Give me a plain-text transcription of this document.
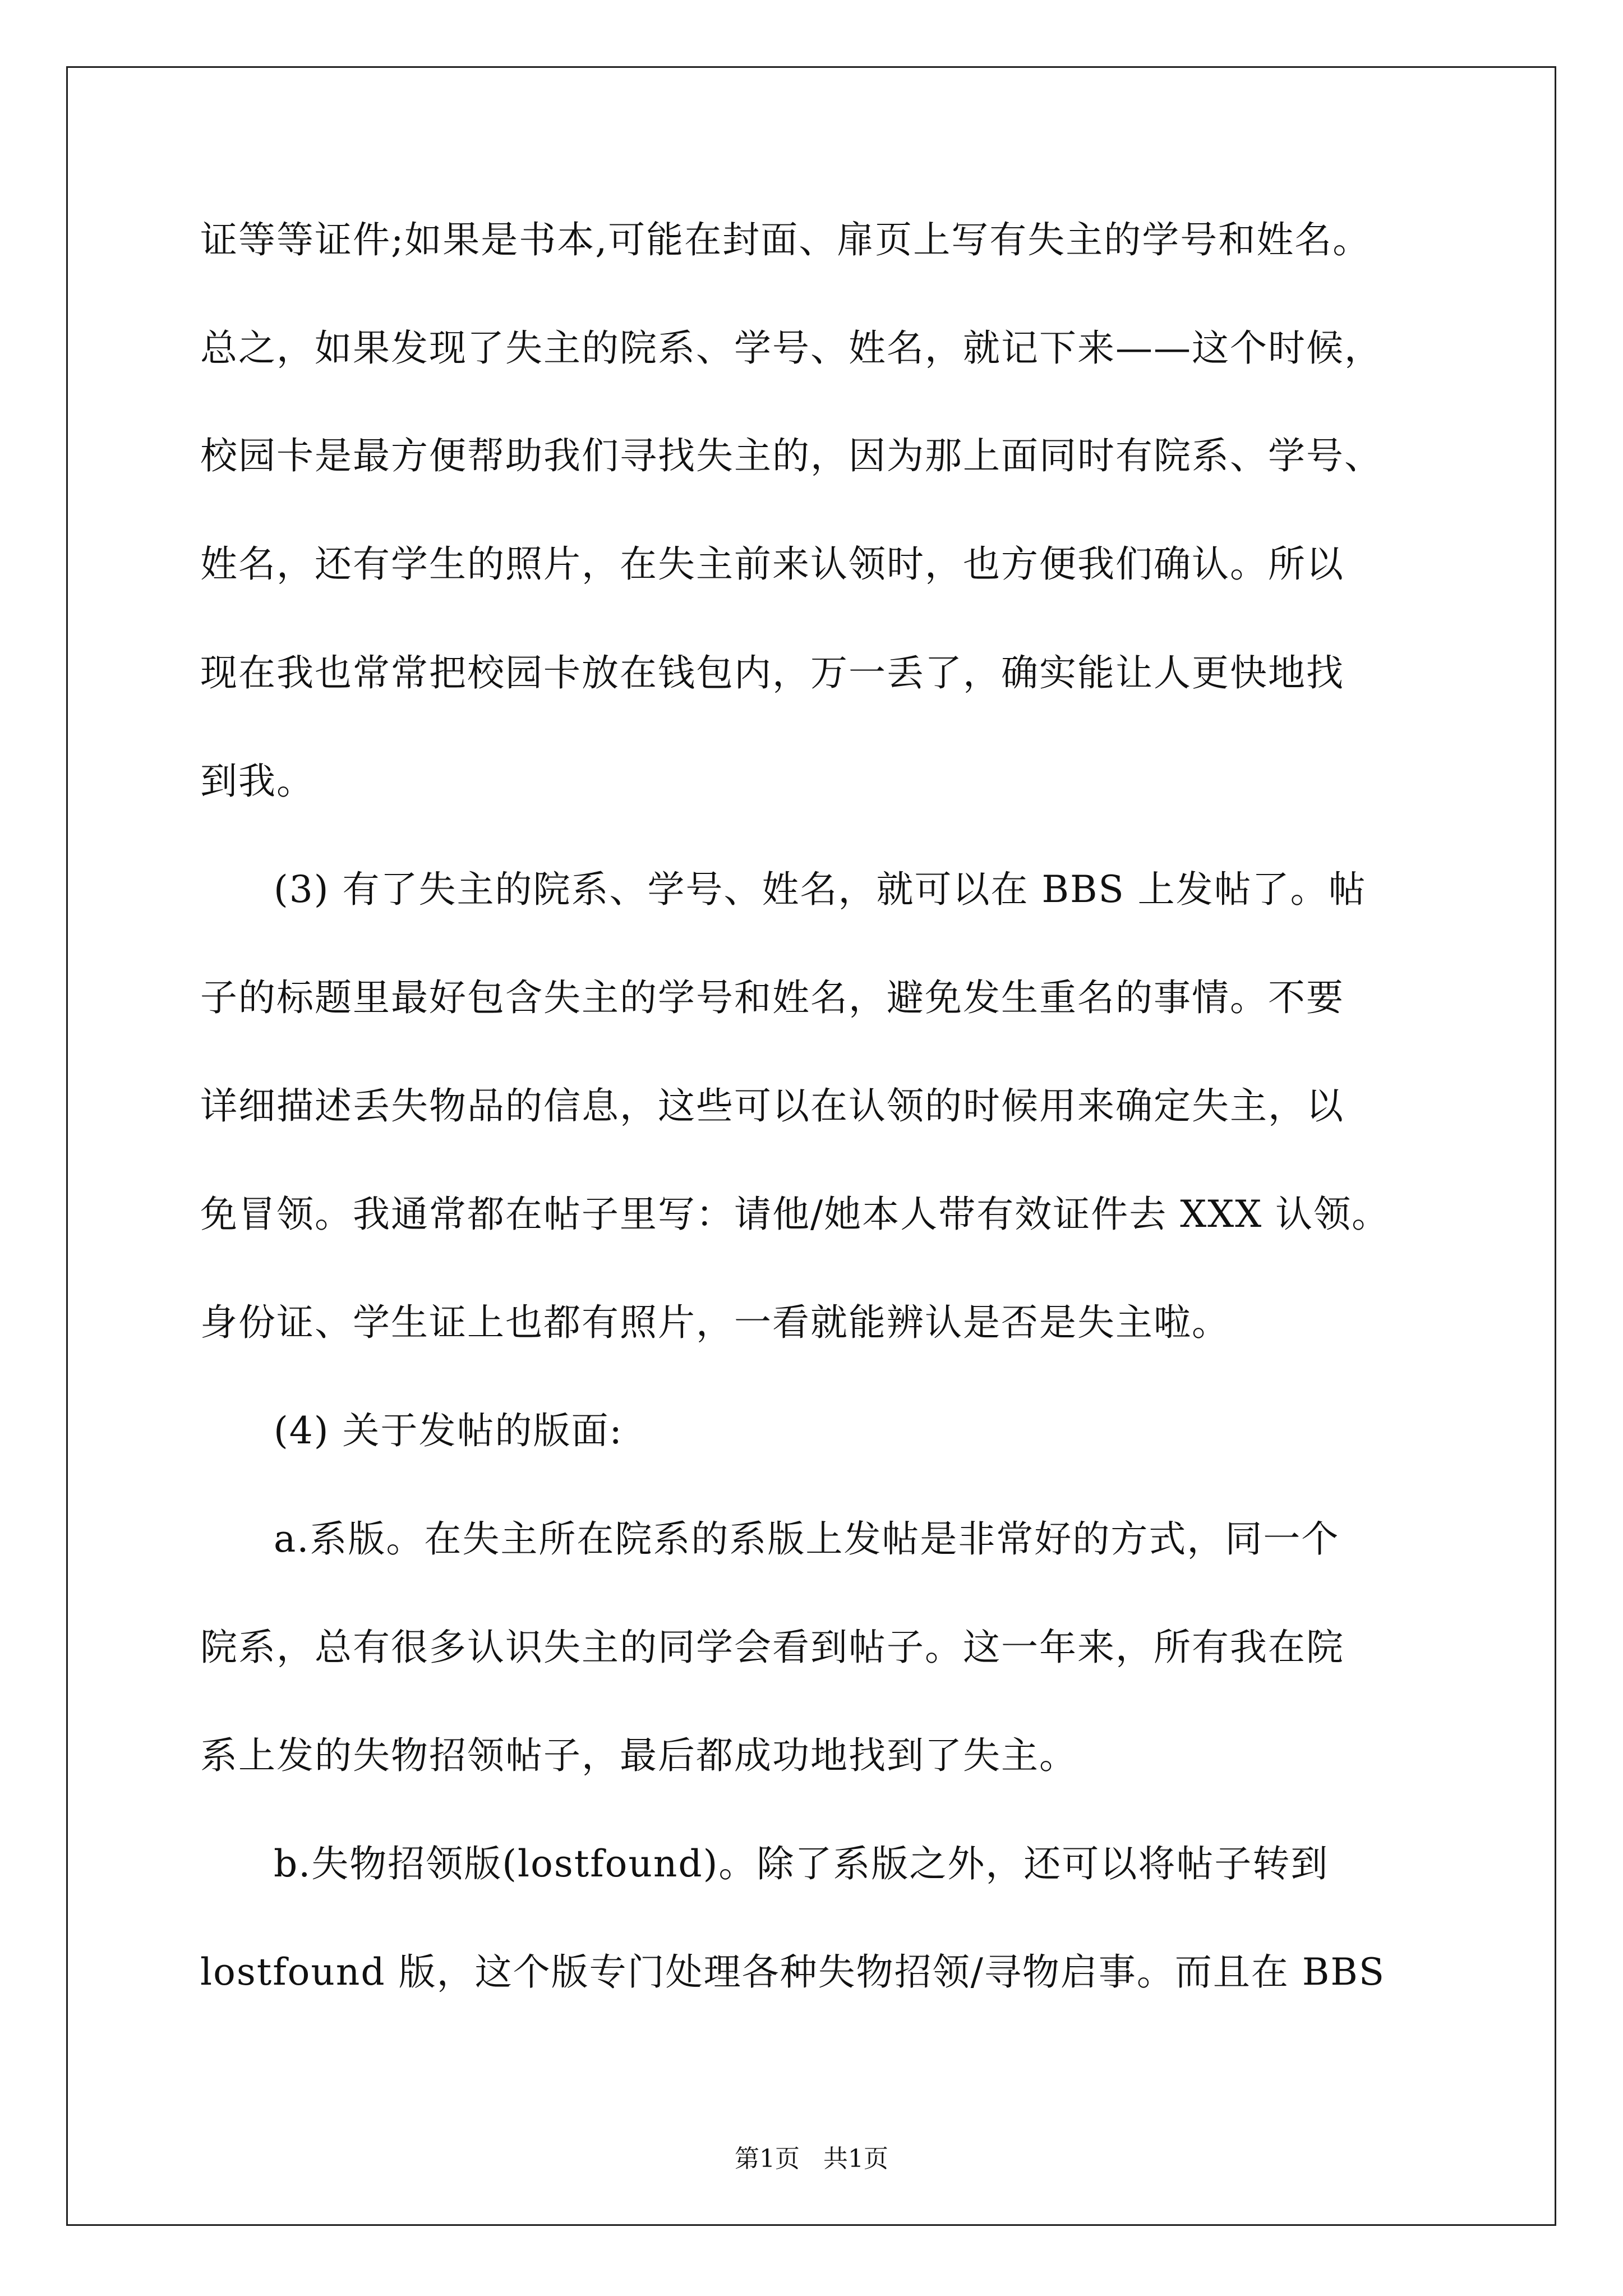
证等等证件;如果是书本,可能在封面、扉页上写有失主的学号和姓名。
总之，如果发现了失主的院系、学号、姓名，就记下来——这个时候，
校园卡是最方便帮助我们寻找失主的，因为那上面同时有院系、学号、
姓名，还有学生的照片，在失主前来认领时，也方便我们确认。所以
现在我也常常把校园卡放在钱包内，万一丢了，确实能让人更快地找
到我。
(3) 有了失主的院系、学号、姓名，就可以在 BBS 上发帖了。帖
子的标题里最好包含失主的学号和姓名，避免发生重名的事情。不要
详细描述丢失物品的信息，这些可以在认领的时候用来确定失主，以
免冒领。我通常都在帖子里写：请他/她本人带有效证件去 XXX 认领。
身份证、学生证上也都有照片，一看就能辨认是否是失主啦。
(4) 关于发帖的版面:
a.系版。在失主所在院系的系版上发帖是非常好的方式，同一个
院系，总有很多认识失主的同学会看到帖子。这一年来，所有我在院
系上发的失物招领帖子，最后都成功地找到了失主。
b.失物招领版(lostfound)。除了系版之外，还可以将帖子转到
lostfound 版，这个版专门处理各种失物招领/寻物启事。而且在 BBS
第1页   共1页
